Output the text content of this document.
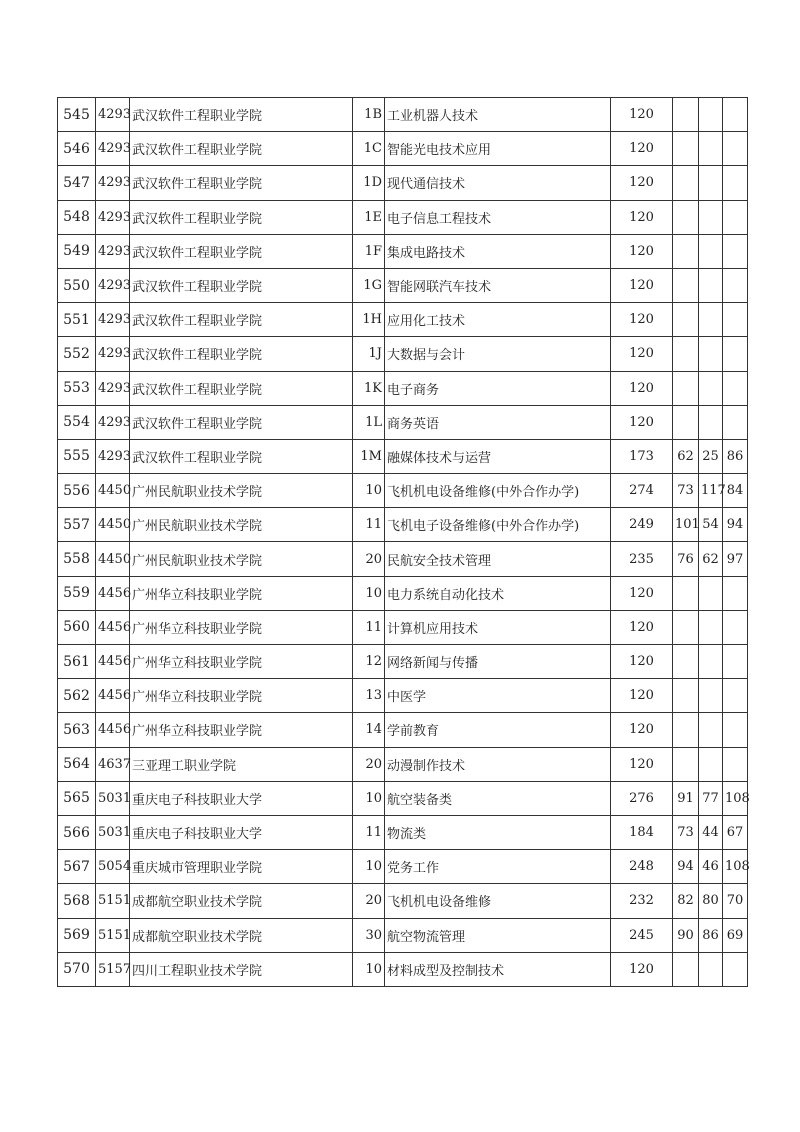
545	4293	武汉软件工程职业学院	1B	工业机器人技术	120			
546	4293	武汉软件工程职业学院	1C	智能光电技术应用	120			
547	4293	武汉软件工程职业学院	1D	现代通信技术	120			
548	4293	武汉软件工程职业学院	1E	电子信息工程技术	120			
549	4293	武汉软件工程职业学院	1F	集成电路技术	120			
550	4293	武汉软件工程职业学院	1G	智能网联汽车技术	120			
551	4293	武汉软件工程职业学院	1H	应用化工技术	120			
552	4293	武汉软件工程职业学院	1J	大数据与会计	120			
553	4293	武汉软件工程职业学院	1K	电子商务	120			
554	4293	武汉软件工程职业学院	1L	商务英语	120			
555	4293	武汉软件工程职业学院	1M	融媒体技术与运营	173	62	25	86
556	4450	广州民航职业技术学院	10	飞机机电设备维修(中外合作办学)	274	73	117	84
557	4450	广州民航职业技术学院	11	飞机电子设备维修(中外合作办学)	249	101	54	94
558	4450	广州民航职业技术学院	20	民航安全技术管理	235	76	62	97
559	4456	广州华立科技职业学院	10	电力系统自动化技术	120			
560	4456	广州华立科技职业学院	11	计算机应用技术	120			
561	4456	广州华立科技职业学院	12	网络新闻与传播	120			
562	4456	广州华立科技职业学院	13	中医学	120			
563	4456	广州华立科技职业学院	14	学前教育	120			
564	4637	三亚理工职业学院	20	动漫制作技术	120			
565	5031	重庆电子科技职业大学	10	航空装备类	276	91	77	108
566	5031	重庆电子科技职业大学	11	物流类	184	73	44	67
567	5054	重庆城市管理职业学院	10	党务工作	248	94	46	108
568	5151	成都航空职业技术学院	20	飞机机电设备维修	232	82	80	70
569	5151	成都航空职业技术学院	30	航空物流管理	245	90	86	69
570	5157	四川工程职业技术学院	10	材料成型及控制技术	120			
